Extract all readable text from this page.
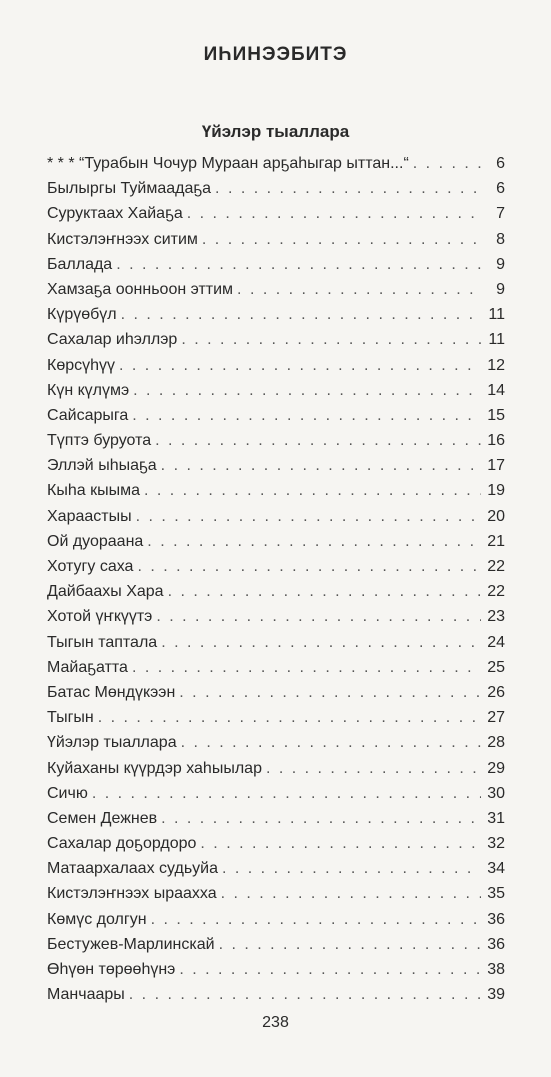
ИҺИНЭЭБИТЭ
Үйэлэр тыаллара
* * * “Турабын Чочур Мураан арҕаһыгар ыттан...“ . . .	6
Былыргы Туймаадаҕа . . .	6
Суруктаах Хайаҕа . . .	7
Кистэлэҥнээх ситим . . .	8
Баллада . . .	9
Хамзаҕа оонньоон эттим . . .	9
Күрүөбүл . . .	11
Сахалар иһэллэр . . .	11
Көрсүһүү . . .	12
Күн күлүмэ . . .	14
Сайсарыга . . .	15
Түптэ буруота . . .	16
Эллэй ыһыаҕа . . .	17
Кыһа кыыма . . .	19
Хараастыы . . .	20
Ой дуораана . . .	21
Хотугу саха . . .	22
Дайбаахы Хара . . .	22
Хотой үҥкүүтэ . . .	23
Тыгын таптала . . .	24
Майаҕатта . . .	25
Батас Мөндүкээн . . .	26
Тыгын . . .	27
Үйэлэр тыаллара . . .	28
Куйаханы күүрдэр хаһыылар . . .	29
Сичю . . .	30
Семен Дежнев . . .	31
Сахалар доҕордоро . . .	32
Матаархалаах судьуйа . . .	34
Кистэлэҥнээх ыраахха . . .	35
Көмүс долгун . . .	36
Бестужев-Марлинскай . . .	36
Өһүөн төрөөһүнэ . . .	38
Манчаары . . .	39
238
